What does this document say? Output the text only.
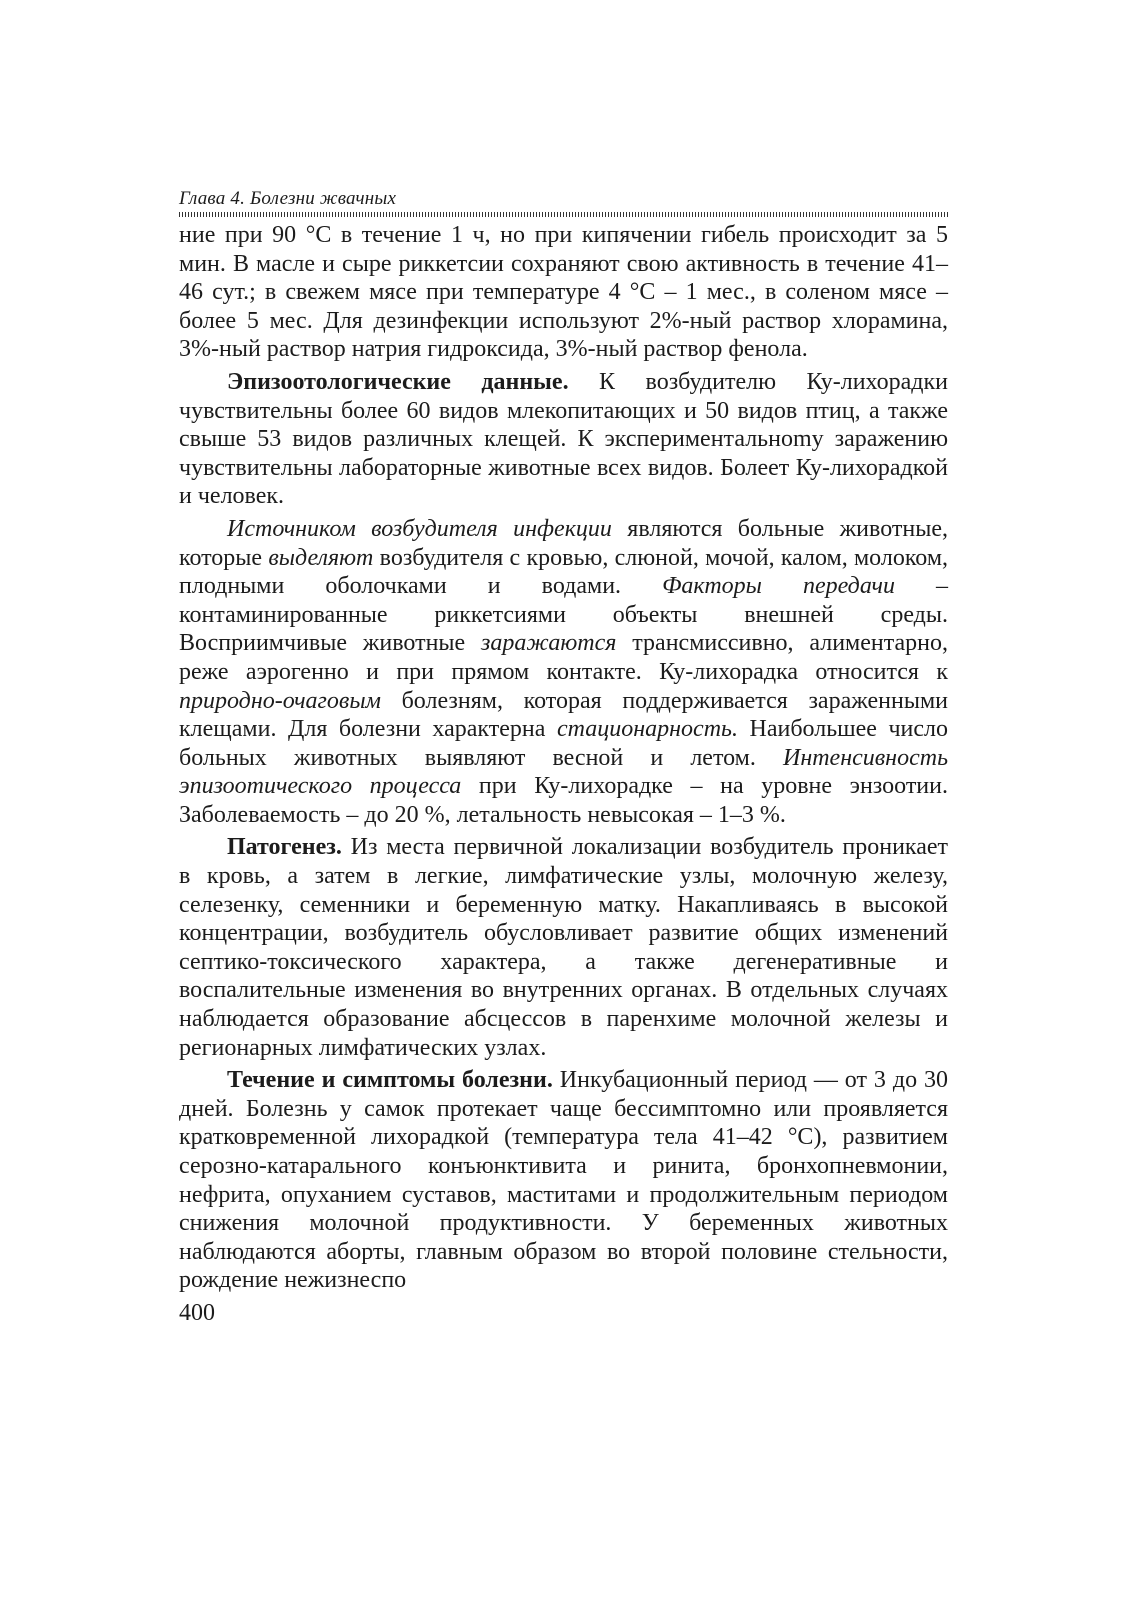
Глава 4. Болезни жвачных

ние при 90 °С в течение 1 ч, но при кипячении гибель происходит за 5 мин. В масле и сыре риккетсии сохраняют свою активность в течение 41–46 сут.; в свежем мясе при температуре 4 °С – 1 мес., в соленом мясе – более 5 мес. Для дезинфекции используют 2%-ный раствор хлорамина, 3%-ный раствор натрия гидроксида, 3%-ный раствор фенола.

Эпизоотологические данные. К возбудителю Ку-лихорадки чувствительны более 60 видов млекопитающих и 50 видов птиц, а также свыше 53 видов различных клещей. К экспериментальноmу заражению чувствительны лабораторные животные всех видов. Болеет Ку-лихорадкой и человек.

Источником возбудителя инфекции являются больные животные, которые выделяют возбудителя с кровью, слюной, мочой, калом, молоком, плодными оболочками и водами. Факторы передачи – контаминированные риккетсиями объекты внешней среды. Восприимчивые животные заражаются трансмиссивно, алиментарно, реже аэрогенно и при прямом контакте. Ку-лихорадка относится к природно-очаговым болезням, которая поддерживается зараженными клещами. Для болезни характерна стационарность. Наибольшее число больных животных выявляют весной и летом. Интенсивность эпизоотического процесса при Ку-лихорадке – на уровне энзоотии. Заболеваемость – до 20 %, летальность невысокая – 1–3 %.

Патогенез. Из места первичной локализации возбудитель проникает в кровь, а затем в легкие, лимфатические узлы, молочную железу, селезенку, семенники и беременную матку. Накапливаясь в высокой концентрации, возбудитель обусловливает развитие общих изменений септико-токсического характера, а также дегенеративные и воспалительные изменения во внутренних органах. В отдельных случаях наблюдается образование абсцессов в паренхиме молочной железы и регионарных лимфатических узлах.

Течение и симптомы болезни. Инкубационный период — от 3 до 30 дней. Болезнь у самок протекает чаще бессимптомно или проявляется кратковременной лихорадкой (температура тела 41–42 °С), развитием серозно-катарального конъюнктивита и ринита, бронхопневмонии, нефрита, опуханием суставов, маститами и продолжительным периодом снижения молочной продуктивности. У беременных животных наблюдаются аборты, главным образом во второй половине стельности, рождение нежизнеспо

400
